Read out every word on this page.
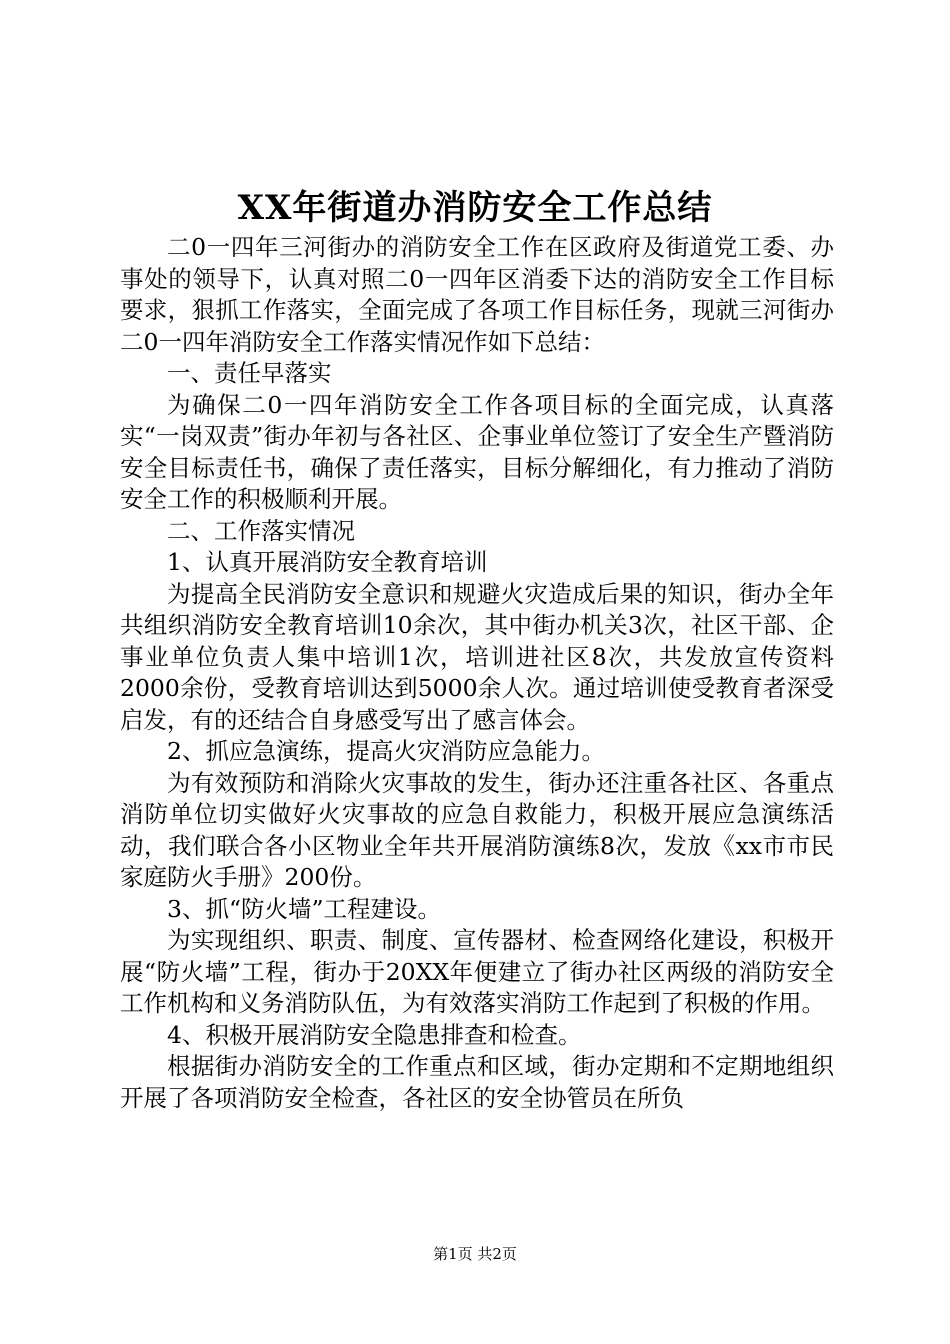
XX年街道办消防安全工作总结

二0一四年三河街办的消防安全工作在区政府及街道党工委、办事处的领导下，认真对照二0一四年区消委下达的消防安全工作目标要求，狠抓工作落实，全面完成了各项工作目标任务，现就三河街办二0一四年消防安全工作落实情况作如下总结：

一、责任早落实

为确保二0一四年消防安全工作各项目标的全面完成，认真落实“一岗双责”街办年初与各社区、企事业单位签订了安全生产暨消防安全目标责任书，确保了责任落实，目标分解细化，有力推动了消防安全工作的积极顺利开展。

二、工作落实情况

1、认真开展消防安全教育培训

为提高全民消防安全意识和规避火灾造成后果的知识，街办全年共组织消防安全教育培训10余次，其中街办机关3次，社区干部、企事业单位负责人集中培训1次，培训进社区8次，共发放宣传资料2000余份，受教育培训达到5000余人次。通过培训使受教育者深受启发，有的还结合自身感受写出了感言体会。

2、抓应急演练，提高火灾消防应急能力。

为有效预防和消除火灾事故的发生，街办还注重各社区、各重点消防单位切实做好火灾事故的应急自救能力，积极开展应急演练活动，我们联合各小区物业全年共开展消防演练8次，发放《xx市市民家庭防火手册》200份。

3、抓“防火墙”工程建设。

为实现组织、职责、制度、宣传器材、检查网络化建设，积极开展“防火墙”工程，街办于20XX年便建立了街办社区两级的消防安全工作机构和义务消防队伍，为有效落实消防工作起到了积极的作用。

4、积极开展消防安全隐患排查和检查。

根据街办消防安全的工作重点和区域，街办定期和不定期地组织开展了各项消防安全检查，各社区的安全协管员在所负

第1页 共2页
